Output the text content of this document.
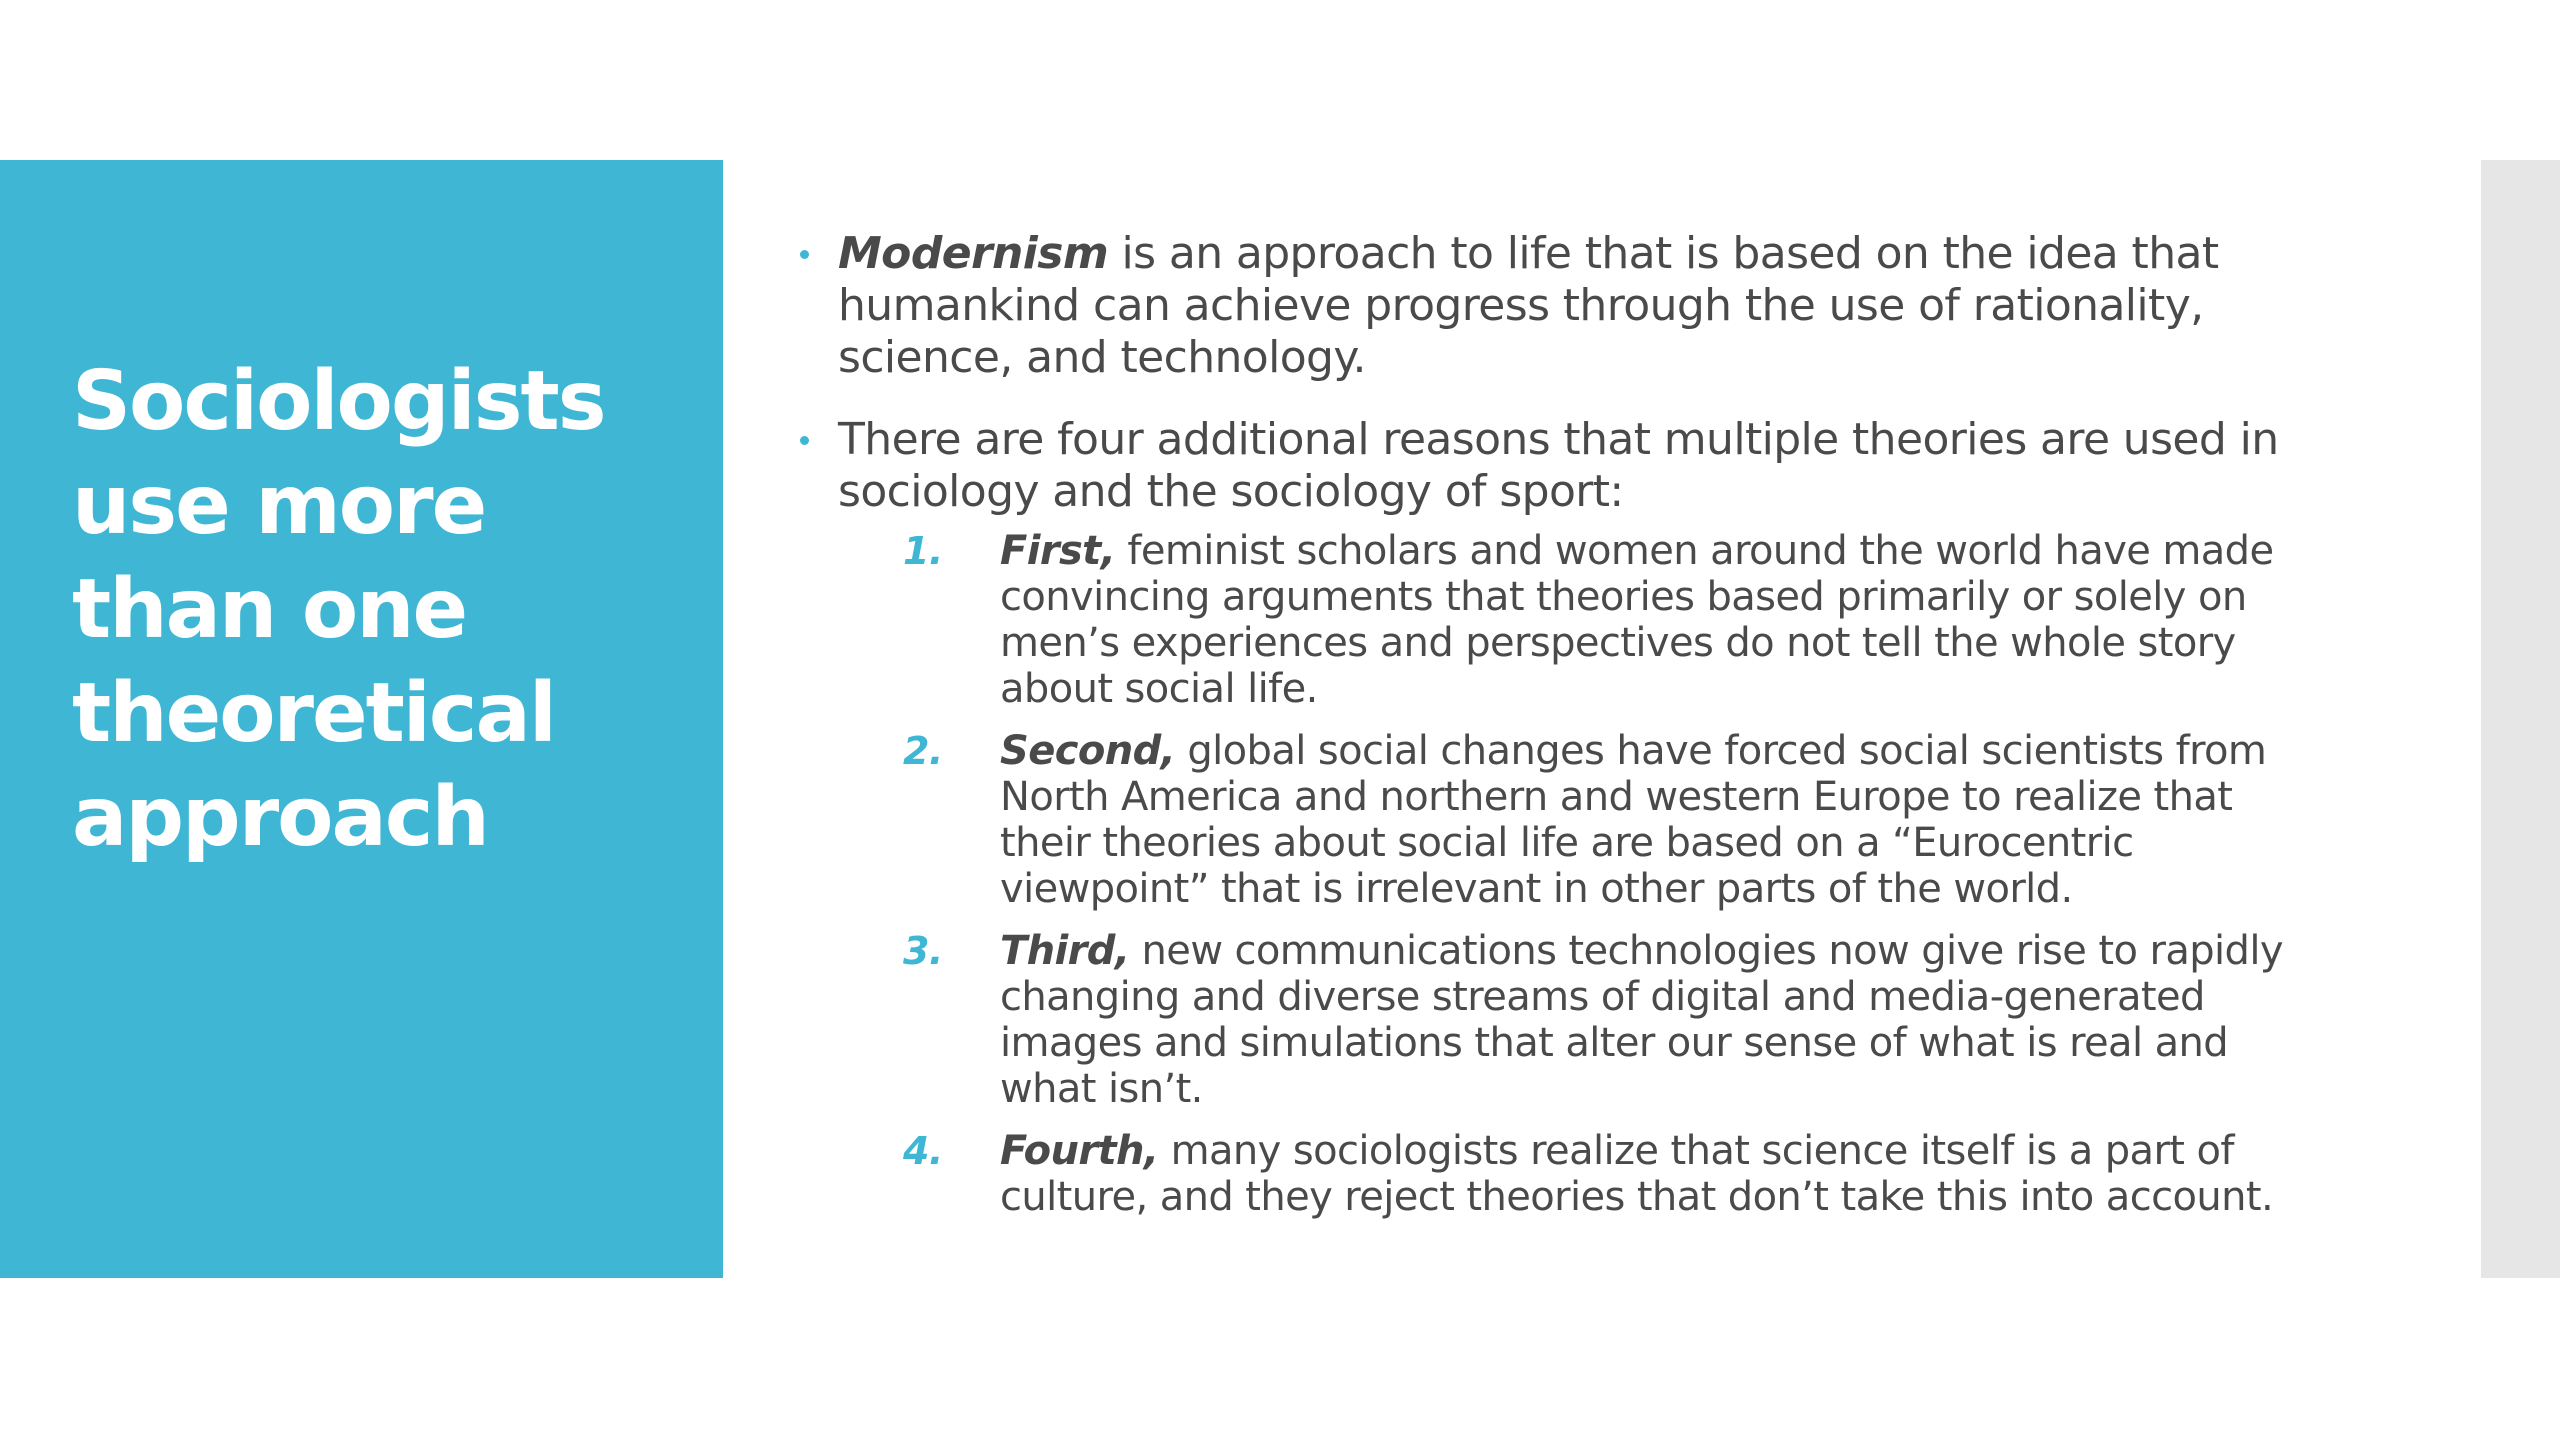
Sociologists use more than one theoretical approach
Modernism is an approach to life that is based on the idea that humankind can achieve progress through the use of rationality, science, and technology.
There are four additional reasons that multiple theories are used in sociology and the sociology of sport:
1. First, feminist scholars and women around the world have made convincing arguments that theories based primarily or solely on men’s experiences and perspectives do not tell the whole story about social life.
2. Second, global social changes have forced social scientists from North America and northern and western Europe to realize that their theories about social life are based on a “Eurocentric viewpoint” that is irrelevant in other parts of the world.
3. Third, new communications technologies now give rise to rapidly changing and diverse streams of digital and media-generated images and simulations that alter our sense of what is real and what isn’t.
4. Fourth, many sociologists realize that science itself is a part of culture, and they reject theories that don’t take this into account.
